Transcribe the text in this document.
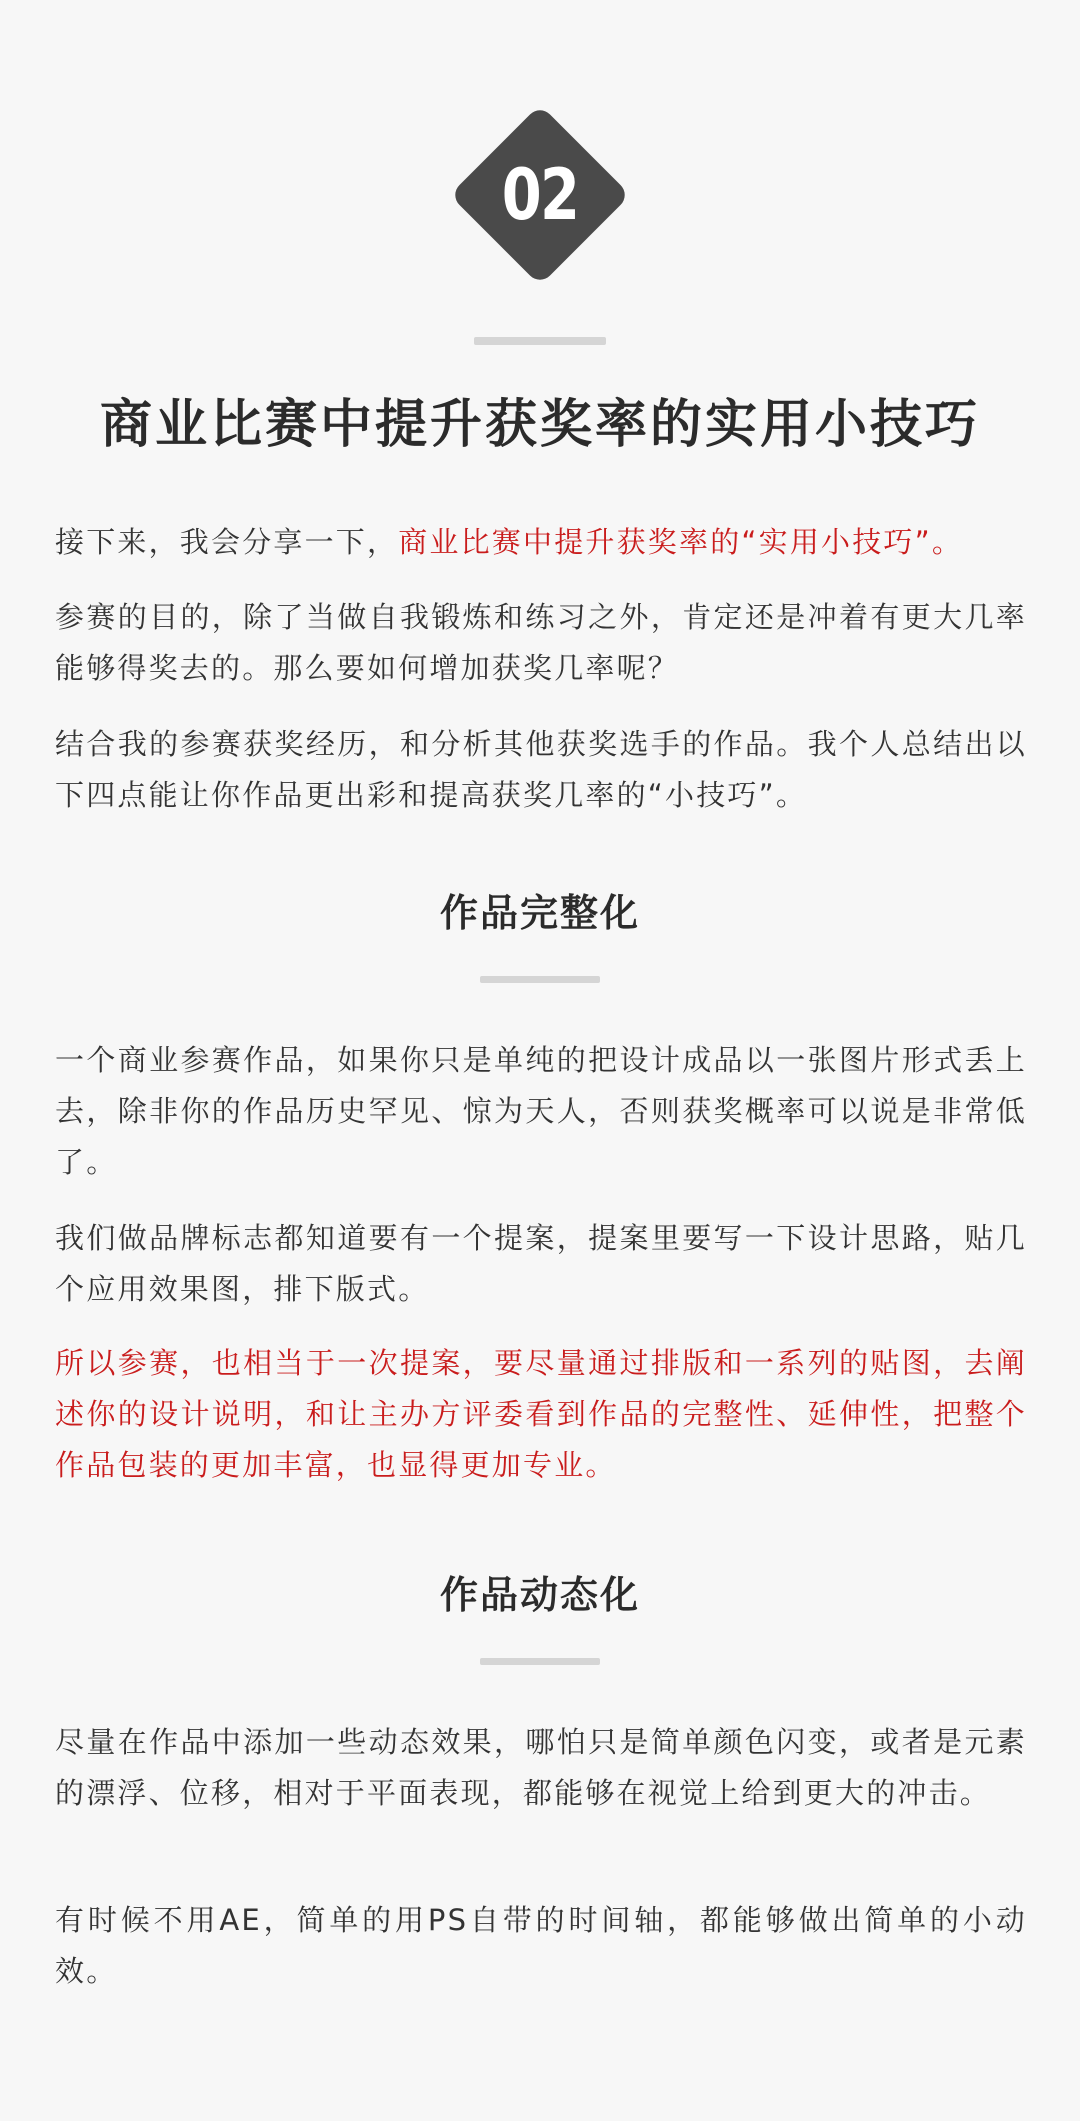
02
商业比赛中提升获奖率的实用小技巧

接下来，我会分享一下，商业比赛中提升获奖率的“实用小技巧”。

参赛的目的，除了当做自我锻炼和练习之外，肯定还是冲着有更大几率能够得奖去的。那么要如何增加获奖几率呢？

结合我的参赛获奖经历，和分析其他获奖选手的作品。我个人总结出以下四点能让你作品更出彩和提高获奖几率的“小技巧”。

作品完整化

一个商业参赛作品，如果你只是单纯的把设计成品以一张图片形式丢上去，除非你的作品历史罕见、惊为天人，否则获奖概率可以说是非常低了。

我们做品牌标志都知道要有一个提案，提案里要写一下设计思路，贴几个应用效果图，排下版式。

所以参赛，也相当于一次提案，要尽量通过排版和一系列的贴图，去阐述你的设计说明，和让主办方评委看到作品的完整性、延伸性，把整个作品包装的更加丰富，也显得更加专业。

作品动态化

尽量在作品中添加一些动态效果，哪怕只是简单颜色闪变，或者是元素的漂浮、位移，相对于平面表现，都能够在视觉上给到更大的冲击。

有时候不用AE，简单的用PS自带的时间轴，都能够做出简单的小动效。
